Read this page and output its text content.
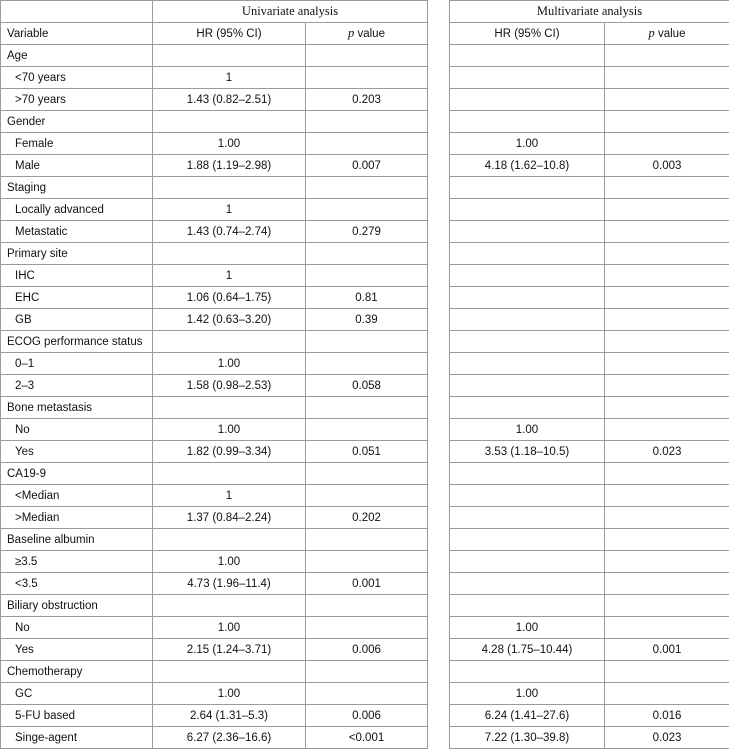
	Univariate analysis			Multivariate analysis	
Variable	HR (95% CI)	p value		HR (95% CI)	p value
Age					
<70 years	1				
>70 years	1.43 (0.82–2.51)	0.203			
Gender					
Female	1.00			1.00	
Male	1.88 (1.19–2.98)	0.007		4.18 (1.62–10.8)	0.003
Staging					
Locally advanced	1				
Metastatic	1.43 (0.74–2.74)	0.279			
Primary site					
IHC	1				
EHC	1.06 (0.64–1.75)	0.81			
GB	1.42 (0.63–3.20)	0.39			
ECOG performance status					
0–1	1.00				
2–3	1.58 (0.98–2.53)	0.058			
Bone metastasis					
No	1.00			1.00	
Yes	1.82 (0.99–3.34)	0.051		3.53 (1.18–10.5)	0.023
CA19-9					
<Median	1				
>Median	1.37 (0.84–2.24)	0.202			
Baseline albumin					
≥3.5	1.00				
<3.5	4.73 (1.96–11.4)	0.001			
Biliary obstruction					
No	1.00			1.00	
Yes	2.15 (1.24–3.71)	0.006		4.28 (1.75–10.44)	0.001
Chemotherapy					
GC	1.00			1.00	
5-FU based	2.64 (1.31–5.3)	0.006		6.24 (1.41–27.6)	0.016
Singe-agent	6.27 (2.36–16.6)	<0.001		7.22 (1.30–39.8)	0.023
